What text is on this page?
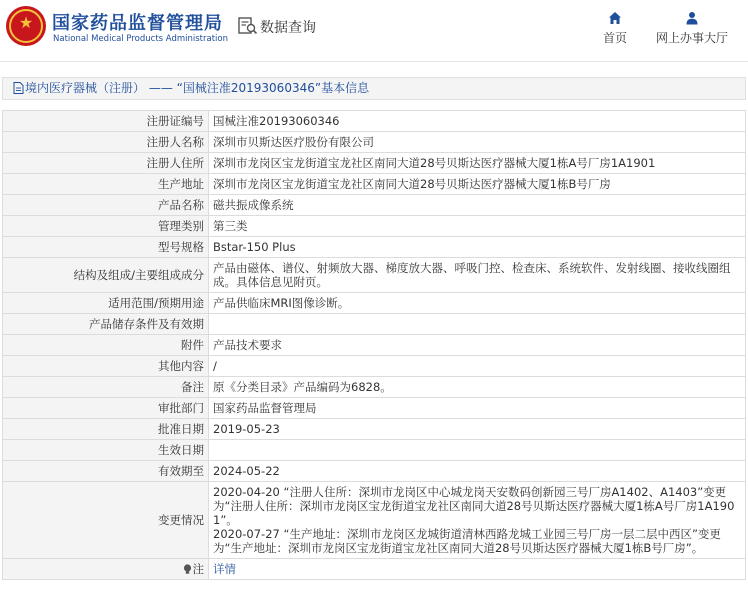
★	国家药品监督管理局
National Medical Products Administration
数据查询
首页	网上办事大厅
境内医疗器械（注册） —— “国械注准20193060346”基本信息
注册证编号	国械注准20193060346
注册人名称	深圳市贝斯达医疗股份有限公司
注册人住所	深圳市龙岗区宝龙街道宝龙社区南同大道28号贝斯达医疗器械大厦1栋A号厂房1A1901
生产地址	深圳市龙岗区宝龙街道宝龙社区南同大道28号贝斯达医疗器械大厦1栋B号厂房
产品名称	磁共振成像系统
管理类别	第三类
型号规格	Bstar-150 Plus
结构及组成/主要组成成分	产品由磁体、谱仪、射频放大器、梯度放大器、呼吸门控、检查床、系统软件、发射线圈、接收线圈组成。具体信息见附页。
适用范围/预期用途	产品供临床MRI图像诊断。
产品储存条件及有效期	
附件	产品技术要求
其他内容	/
备注	原《分类目录》产品编码为6828。
审批部门	国家药品监督管理局
批准日期	2019-05-23
生效日期	
有效期至	2024-05-22
变更情况	2020-04-20 “注册人住所：深圳市龙岗区中心城龙岗天安数码创新园三号厂房A1402、A1403”变更为“注册人住所：深圳市龙岗区宝龙街道宝龙社区南同大道28号贝斯达医疗器械大厦1栋A号厂房1A1901”。
2020-07-27 “生产地址：深圳市龙岗区龙城街道清林西路龙城工业园三号厂房一层二层中西区”变更为“生产地址：深圳市龙岗区宝龙街道宝龙社区南同大道28号贝斯达医疗器械大厦1栋B号厂房”。

注	详情
